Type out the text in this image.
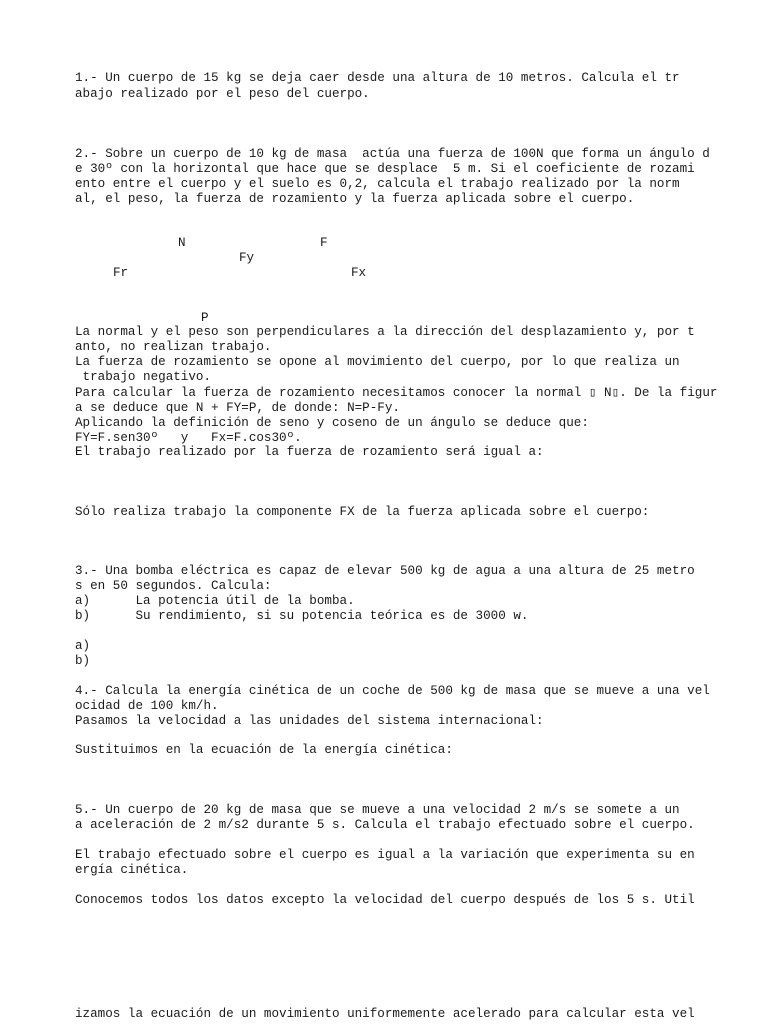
1.- Un cuerpo de 15 kg se deja caer desde una altura de 10 metros. Calcula el tr
abajo realizado por el peso del cuerpo.
2.- Sobre un cuerpo de 10 kg de masa  actúa una fuerza de 100N que forma un ángulo d
e 30º con la horizontal que hace que se desplace  5 m. Si el coeficiente de rozami
ento entre el cuerpo y el suelo es 0,2, calcula el trabajo realizado por la norm
al, el peso, la fuerza de rozamiento y la fuerza aplicada sobre el cuerpo.
N	F
Fy
Fr	Fx
P
La normal y el peso son perpendiculares a la dirección del desplazamiento y, por t
anto, no realizan trabajo.
La fuerza de rozamiento se opone al movimiento del cuerpo, por lo que realiza un
trabajo negativo.
Para calcular la fuerza de rozamiento necesitamos conocer la normal ▯ N▯. De la figur
a se deduce que N + FY=P, de donde: N=P-Fy.
Aplicando la definición de seno y coseno de un ángulo se deduce que:
FY=F.sen30º   y   Fx=F.cos30º.
El trabajo realizado por la fuerza de rozamiento será igual a:
Sólo realiza trabajo la componente FX de la fuerza aplicada sobre el cuerpo:
3.- Una bomba eléctrica es capaz de elevar 500 kg de agua a una altura de 25 metro
s en 50 segundos. Calcula:
a)      La potencia útil de la bomba.
b)      Su rendimiento, si su potencia teórica es de 3000 w.
a)
b)
4.- Calcula la energía cinética de un coche de 500 kg de masa que se mueve a una vel
ocidad de 100 km/h.
Pasamos la velocidad a las unidades del sistema internacional:
Sustituimos en la ecuación de la energía cinética:
5.- Un cuerpo de 20 kg de masa que se mueve a una velocidad 2 m/s se somete a un
a aceleración de 2 m/s2 durante 5 s. Calcula el trabajo efectuado sobre el cuerpo.
El trabajo efectuado sobre el cuerpo es igual a la variación que experimenta su en
ergía cinética.
Conocemos todos los datos excepto la velocidad del cuerpo después de los 5 s. Util
izamos la ecuación de un movimiento uniformemente acelerado para calcular esta vel
